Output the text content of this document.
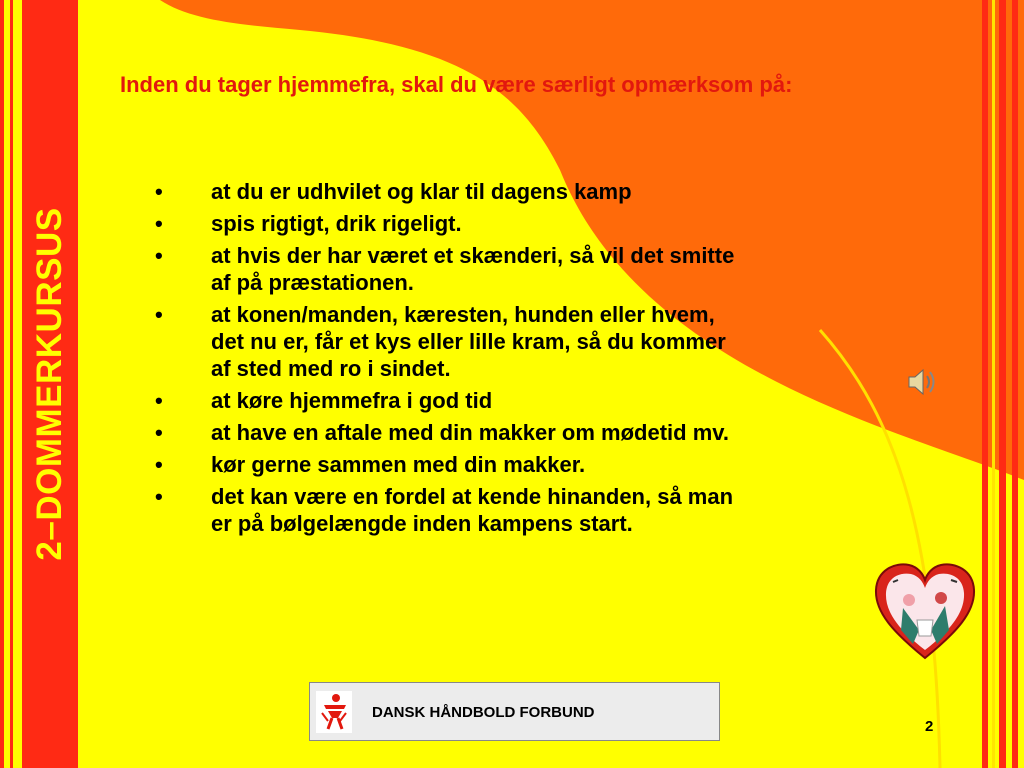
2–DOMMERKURSUS
Inden du tager hjemmefra, skal du være særligt opmærksom på:
• at du er udhvilet og klar til dagens kamp
• spis rigtigt, drik rigeligt.
• at hvis der har været et skænderi, så vil det smitte
af på præstationen.
• at konen/manden, kæresten, hunden eller hvem,
det nu er, får et kys eller lille kram, så du kommer
af sted med ro i sindet.
• at køre hjemmefra i god tid
• at have en aftale med din makker om mødetid mv.
• kør gerne sammen med din makker.
• det kan være en fordel at kende hinanden, så man
er på bølgelængde inden kampens start.
DANSK HÅNDBOLD FORBUND
2
